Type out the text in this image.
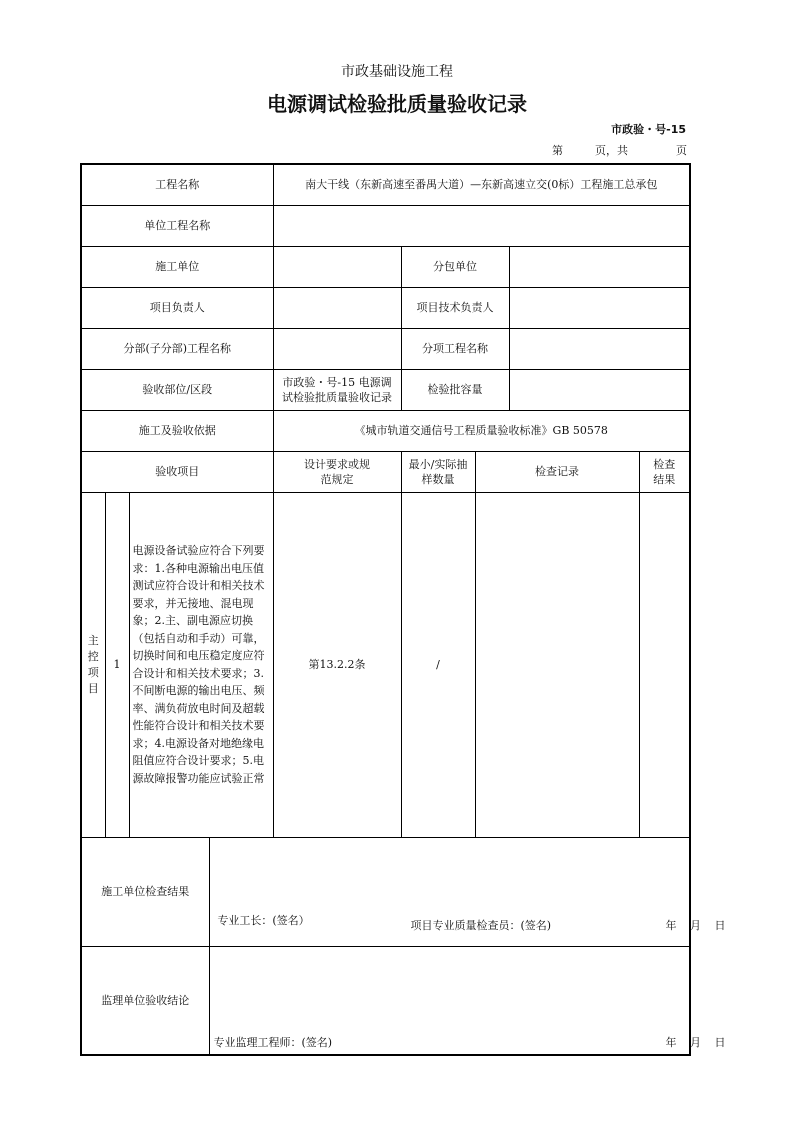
市政基础设施工程
电源调试检验批质量验收记录
市政验・号-15
第	页，共	页
工程名称				南大干线（东新高速至番禺大道）—东新高速立交(0标）工程施工总承包				
单位工程名称								
施工单位					分包单位			
项目负责人					项目技术负责人			
分部(子分部)工程名称					分项工程名称			
验收部位/区段				市政验・号-15 电源调试检验批质量验收记录	检验批容量			
施工及验收依据				《城市轨道交通信号工程质量验收标准》GB 50578				
验收项目				设计要求或规范规定	最小/实际抽样数量	检查记录		检查结果
主控项目	1	电源设备试验应符合下列要求：1.各种电源输出电压值测试应符合设计和相关技术要求，并无接地、混电现象；2.主、副电源应切换（包括自动和手动）可靠，切换时间和电压稳定度应符合设计和相关技术要求；3.不间断电源的输出电压、频率、满负荷放电时间及超载性能符合设计和相关技术要求；4.电源设备对地绝缘电阻值应符合设计要求；5.电源故障报警功能应试验正常		第13.2.2条	/			
施工单位检查结果			专业工长：(签名） 项目专业质量检查员：(签名) 年 月 日					

监理单位验收结论			专业监理工程师：(签名) 年 月 日					
